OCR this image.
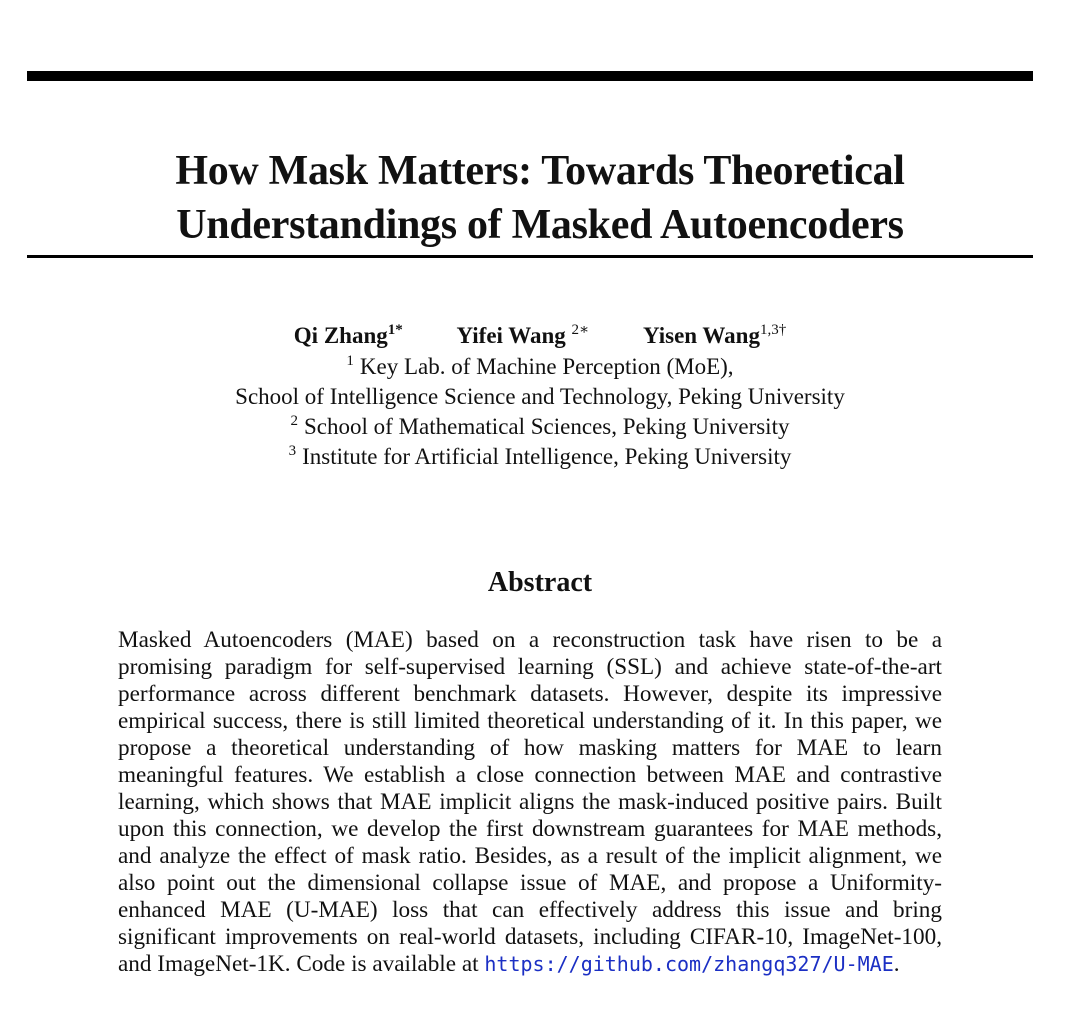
How Mask Matters: Towards Theoretical
Understandings of Masked Autoencoders
Qi Zhang$^{1*}$ Yifei Wang $^{2∗}$ Yisen Wang$^{1,3\dagger}$
$^1$ Key Lab. of Machine Perception (MoE),
School of Intelligence Science and Technology, Peking University
$^2$ School of Mathematical Sciences, Peking University
$^3$ Institute for Artificial Intelligence, Peking University
Abstract

Masked Autoencoders (MAE) based on a reconstruction task have risen to be a promising paradigm for self-supervised learning (SSL) and achieve state-of-the-art performance across different benchmark datasets. However, despite its impressive empirical success, there is still limited theoretical understanding of it. In this paper, we propose a theoretical understanding of how masking matters for MAE to learn meaningful features. We establish a close connection between MAE and contrastive learning, which shows that MAE implicit aligns the mask-induced positive pairs. Built upon this connection, we develop the first downstream guarantees for MAE methods, and analyze the effect of mask ratio. Besides, as a result of the implicit alignment, we also point out the dimensional collapse issue of MAE, and propose a Uniformity-enhanced MAE (U-MAE) loss that can effectively address this issue and bring significant improvements on real-world datasets, including CIFAR-10, ImageNet-100, and ImageNet-1K. Code is available at https://github.com/zhangq327/U-MAE.
